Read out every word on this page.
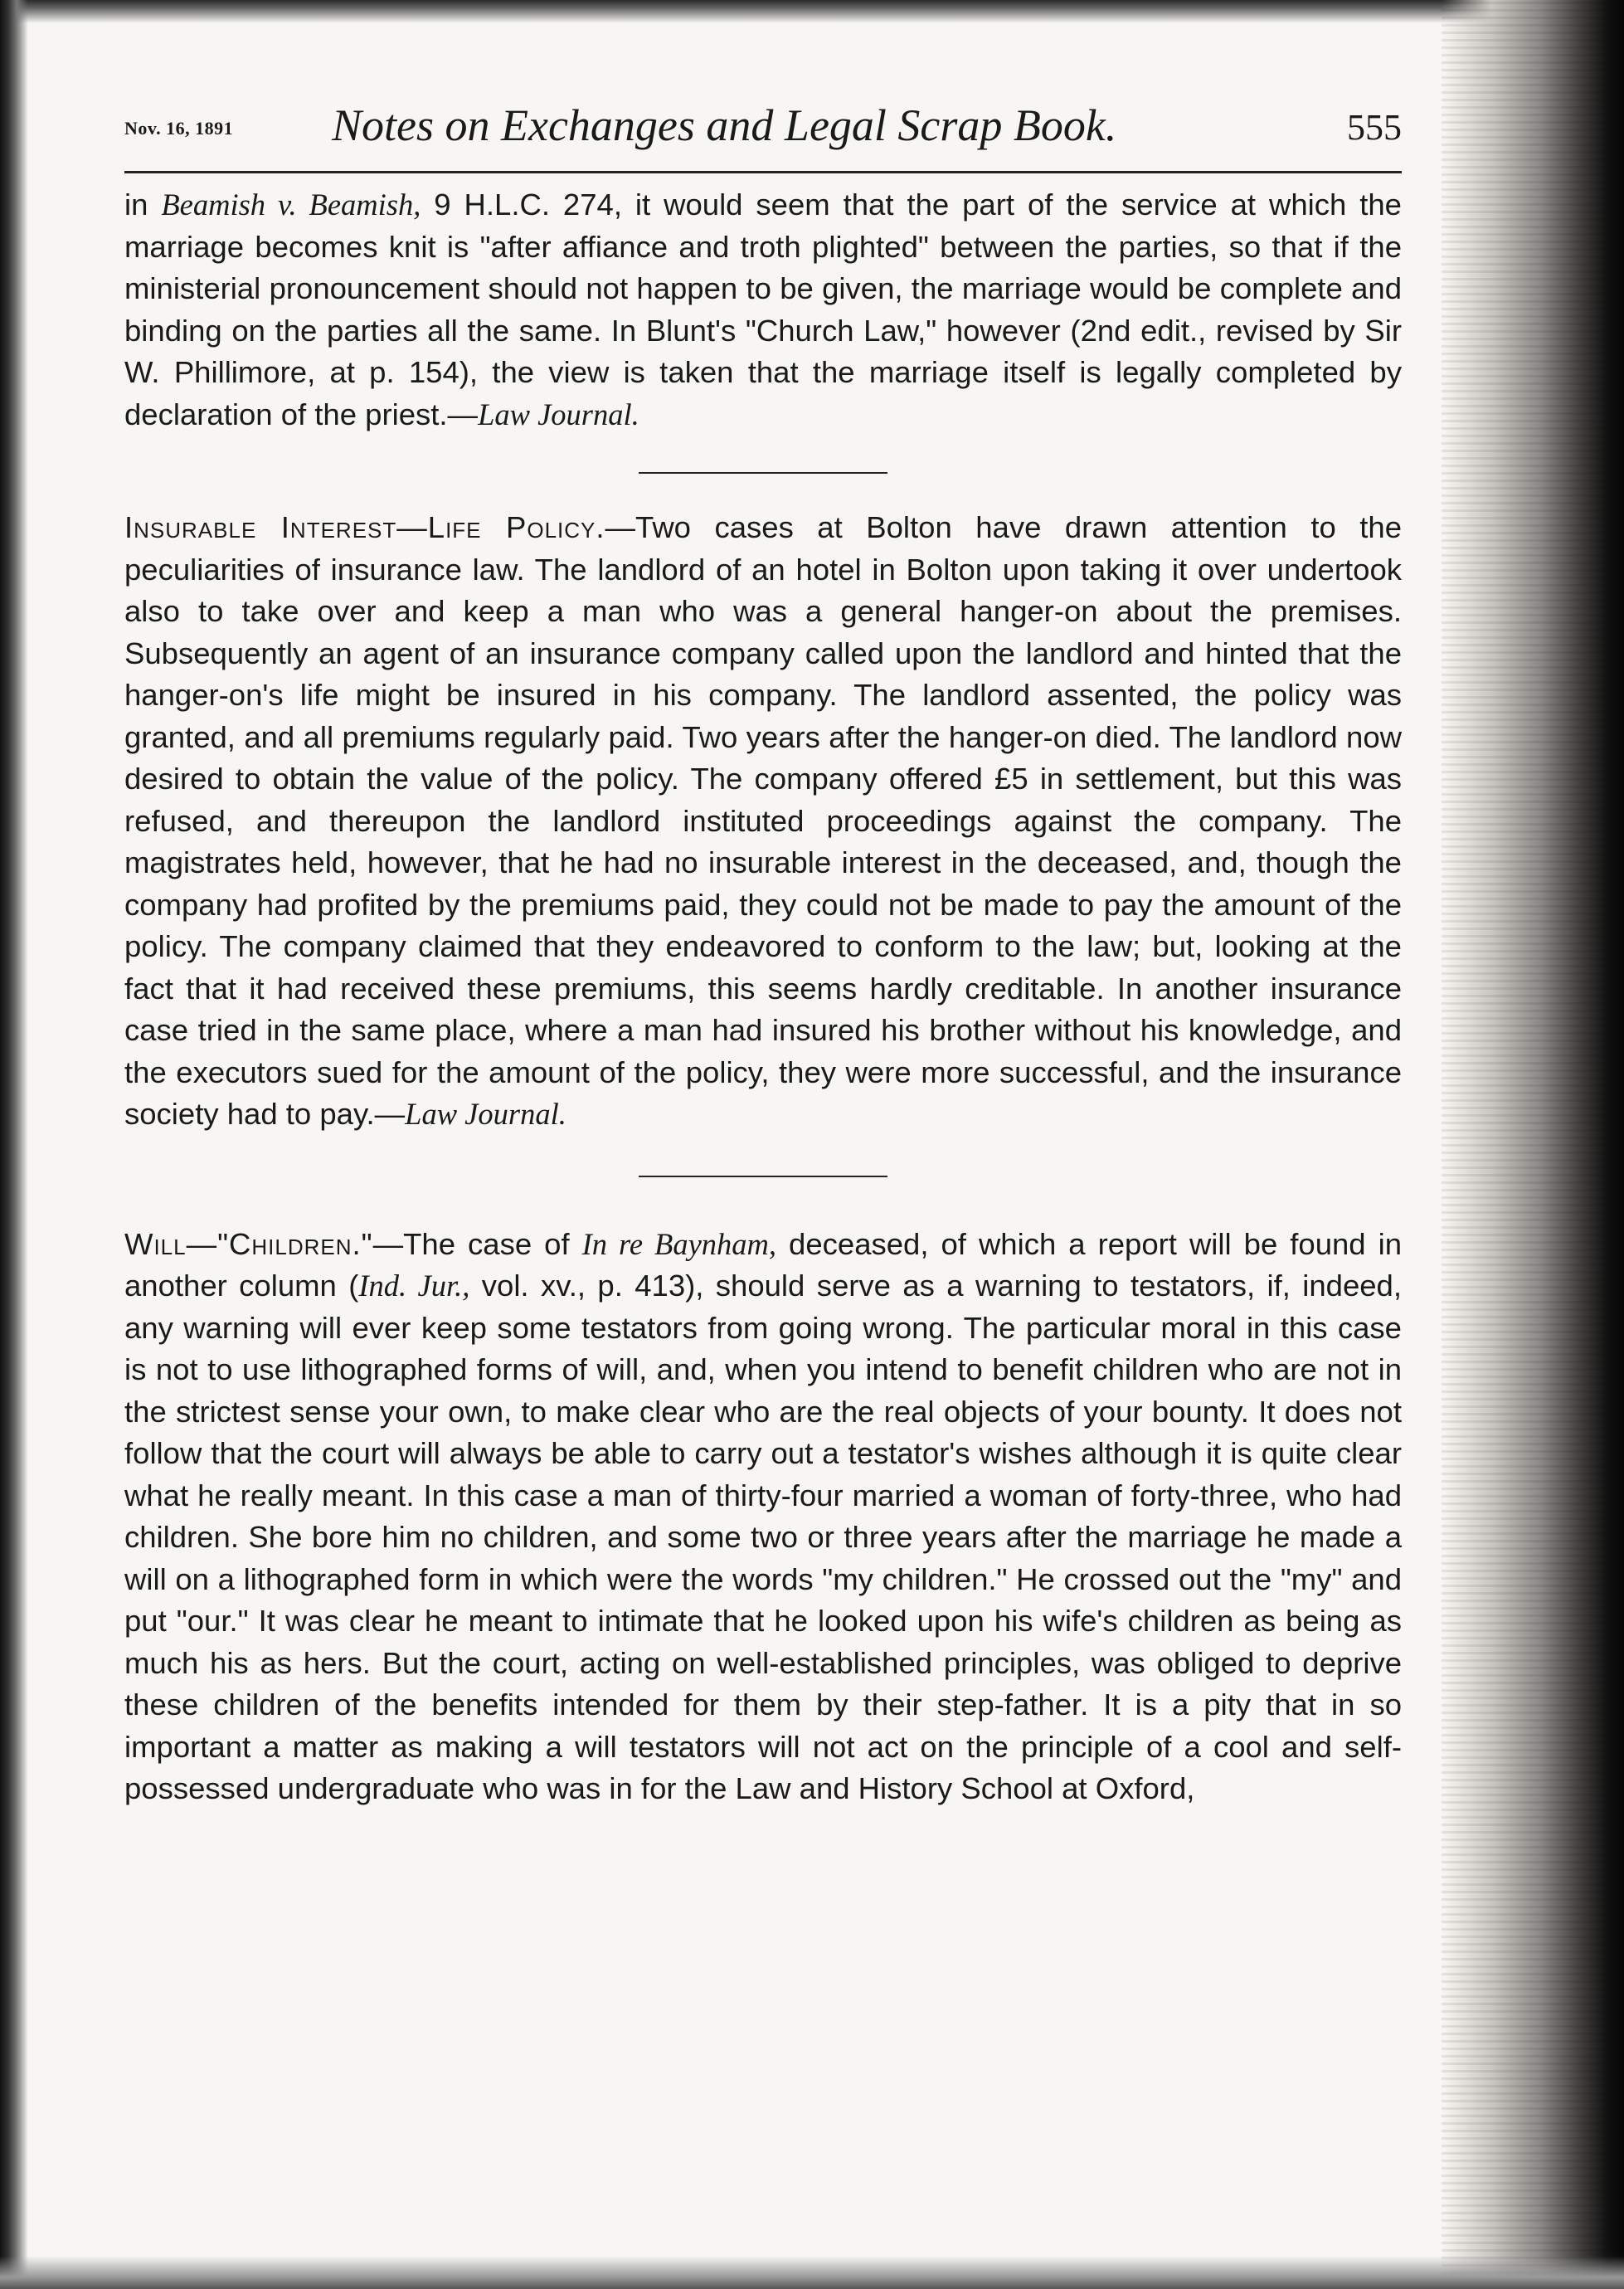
Nov. 16, 1891 Notes on Exchanges and Legal Scrap Book.	555

in Beamish v. Beamish, 9 H.L.C. 274, it would seem that the part of the service at which the marriage becomes knit is "after affiance and troth plighted" between the parties, so that if the ministerial pronouncement should not happen to be given, the marriage would be complete and binding on the parties all the same. In Blunt's "Church Law," however (2nd edit., revised by Sir W. Phillimore, at p. 154), the view is taken that the marriage itself is legally completed by declaration of the priest.—Law Journal.

Insurable Interest—Life Policy.—Two cases at Bolton have drawn attention to the peculiarities of insurance law. The landlord of an hotel in Bolton upon taking it over undertook also to take over and keep a man who was a general hanger-on about the premises. Subsequently an agent of an insurance company called upon the landlord and hinted that the hanger-on's life might be insured in his company. The landlord assented, the policy was granted, and all premiums regularly paid. Two years after the hanger-on died. The landlord now desired to obtain the value of the policy. The company offered £5 in settlement, but this was refused, and thereupon the landlord instituted proceedings against the company. The magistrates held, however, that he had no insurable interest in the deceased, and, though the company had profited by the premiums paid, they could not be made to pay the amount of the policy. The company claimed that they endeavored to conform to the law; but, looking at the fact that it had received these premiums, this seems hardly creditable. In another insurance case tried in the same place, where a man had insured his brother without his knowledge, and the executors sued for the amount of the policy, they were more successful, and the insurance society had to pay.—Law Journal.

Will—"Children."—The case of In re Baynham, deceased, of which a report will be found in another column (Ind. Jur., vol. xv., p. 413), should serve as a warning to testators, if, indeed, any warning will ever keep some testators from going wrong. The particular moral in this case is not to use lithographed forms of will, and, when you intend to benefit children who are not in the strictest sense your own, to make clear who are the real objects of your bounty. It does not follow that the court will always be able to carry out a testator's wishes although it is quite clear what he really meant. In this case a man of thirty-four married a woman of forty-three, who had children. She bore him no children, and some two or three years after the marriage he made a will on a lithographed form in which were the words "my children." He crossed out the "my" and put "our." It was clear he meant to intimate that he looked upon his wife's children as being as much his as hers. But the court, acting on well-established principles, was obliged to deprive these children of the benefits intended for them by their step-father. It is a pity that in so important a matter as making a will testators will not act on the principle of a cool and self-possessed undergraduate who was in for the Law and History School at Oxford,
